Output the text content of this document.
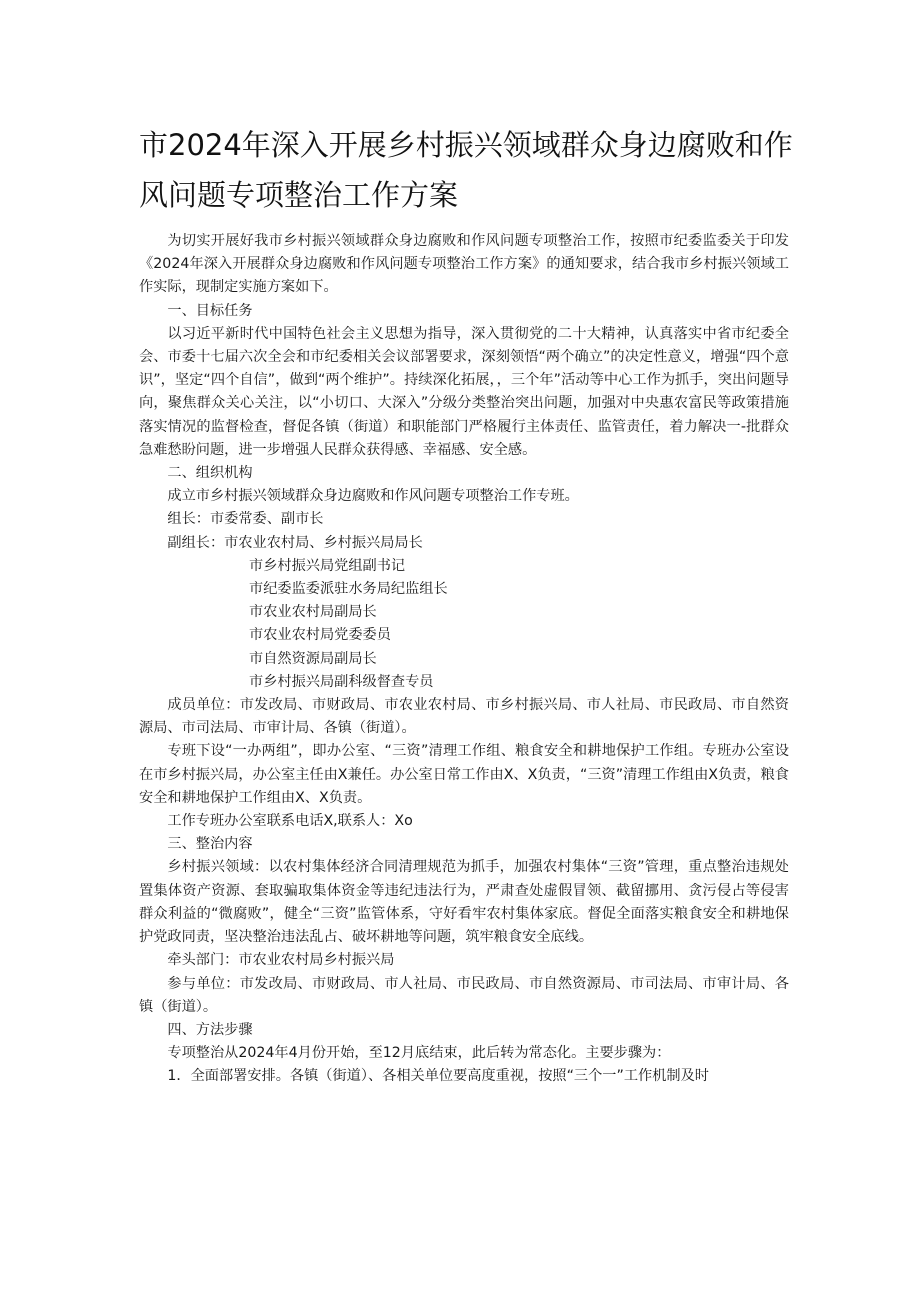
市2024年深入开展乡村振兴领域群众身边腐败和作
风问题专项整治工作方案

为切实开展好我市乡村振兴领域群众身边腐败和作风问题专项整治工作，按照市纪委监委关于印发《2024年深入开展群众身边腐败和作风问题专项整治工作方案》的通知要求，结合我市乡村振兴领域工作实际，现制定实施方案如下。

一、目标任务

以习近平新时代中国特色社会主义思想为指导，深入贯彻党的二十大精神，认真落实中省市纪委全会、市委十七届六次全会和市纪委相关会议部署要求，深刻领悟“两个确立”的决定性意义，增强“四个意识”，坚定“四个自信”，做到“两个维护”。持续深化拓展，，三个年”活动等中心工作为抓手，突出问题导向，聚焦群众关心关注，以“小切口、大深入”分级分类整治突出问题，加强对中央惠农富民等政策措施落实情况的监督检查，督促各镇（街道）和职能部门严格履行主体责任、监管责任，着力解决一-批群众急难愁盼问题，进一步增强人民群众获得感、幸福感、安全感。

二、组织机构

成立市乡村振兴领域群众身边腐败和作风问题专项整治工作专班。

组长：市委常委、副市长

副组长：市农业农村局、乡村振兴局局长

市乡村振兴局党组副书记

市纪委监委派驻水务局纪监组长

市农业农村局副局长

市农业农村局党委委员

市自然资源局副局长

市乡村振兴局副科级督查专员

成员单位：市发改局、市财政局、市农业农村局、市乡村振兴局、市人社局、市民政局、市自然资源局、市司法局、市审计局、各镇（街道）。

专班下设“一办两组”，即办公室、“三资”清理工作组、粮食安全和耕地保护工作组。专班办公室设在市乡村振兴局，办公室主任由X兼任。办公室日常工作由X、X负责，“三资”清理工作组由X负责，粮食安全和耕地保护工作组由X、X负责。

工作专班办公室联系电话X,联系人：Xo

三、整治内容

乡村振兴领域：以农村集体经济合同清理规范为抓手，加强农村集体“三资”管理，重点整治违规处置集体资产资源、套取骗取集体资金等违纪违法行为，严肃查处虚假冒领、截留挪用、贪污侵占等侵害群众利益的“微腐败”，健全“三资”监管体系，守好看牢农村集体家底。督促全面落实粮食安全和耕地保护党政同责，坚决整治违法乱占、破坏耕地等问题，筑牢粮食安全底线。

牵头部门：市农业农村局乡村振兴局

参与单位：市发改局、市财政局、市人社局、市民政局、市自然资源局、市司法局、市审计局、各镇（街道）。

四、方法步骤

专项整治从2024年4月份开始，至12月底结束，此后转为常态化。主要步骤为：

1．全面部署安排。各镇（街道）、各相关单位要高度重视，按照“三个一”工作机制及时
